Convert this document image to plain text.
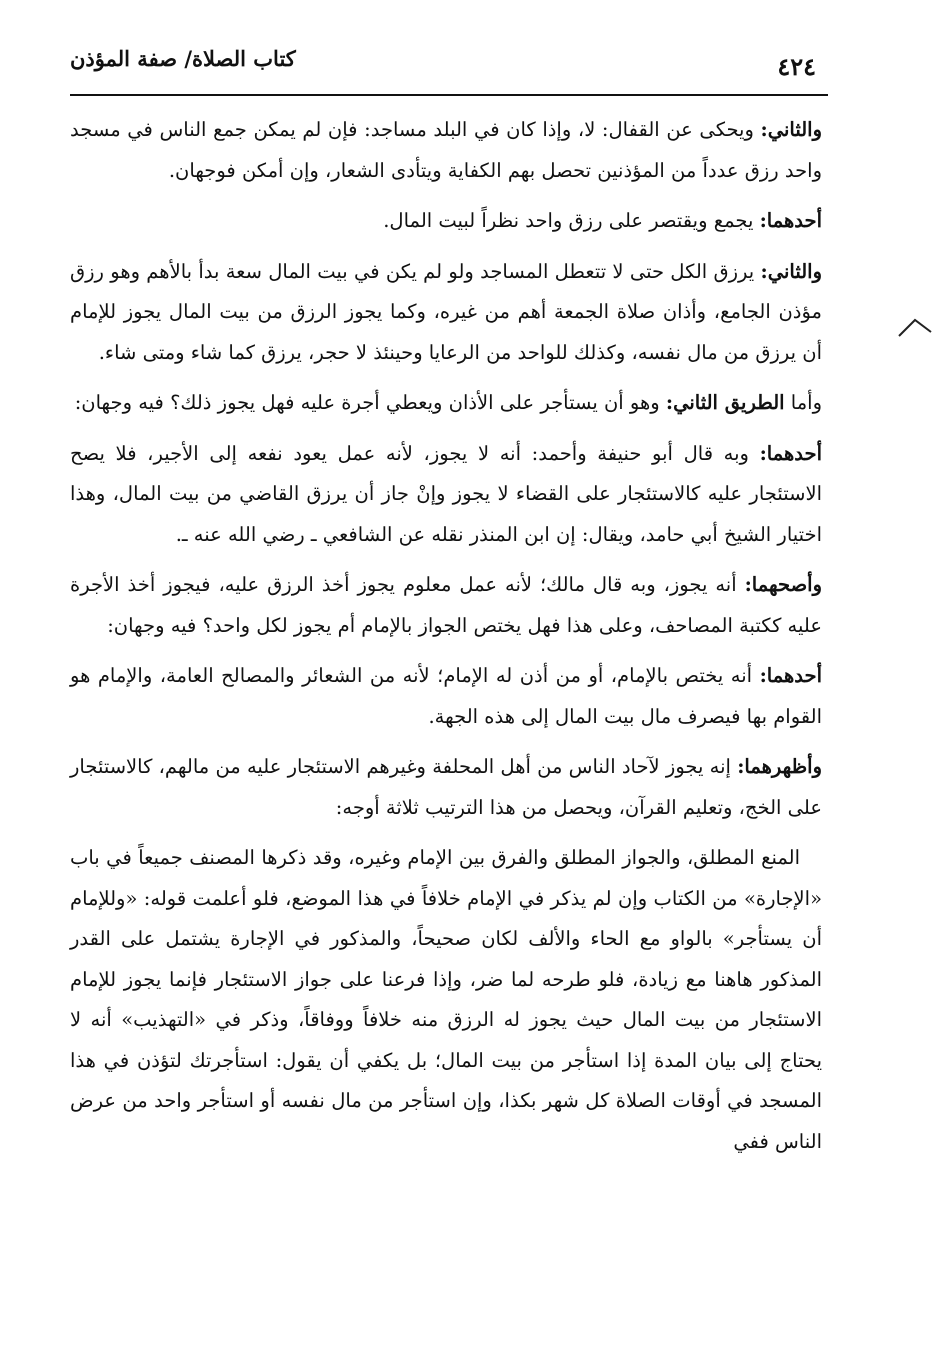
كتاب الصلاة/ صفة المؤذن	٤٢٤

والثاني: ويحكى عن القفال: لا، وإذا كان في البلد مساجد: فإن لم يمكن جمع الناس في مسجد واحد رزق عدداً من المؤذنين تحصل بهم الكفاية ويتأدى الشعار، وإن أمكن فوجهان.

أحدهما: يجمع ويقتصر على رزق واحد نظراً لبيت المال.

والثاني: يرزق الكل حتى لا تتعطل المساجد ولو لم يكن في بيت المال سعة بدأ بالأهم وهو رزق مؤذن الجامع، وأذان صلاة الجمعة أهم من غيره، وكما يجوز الرزق من بيت المال يجوز للإمام أن يرزق من مال نفسه، وكذلك للواحد من الرعايا وحينئذ لا حجر، يرزق كما شاء ومتى شاء.

وأما الطريق الثاني: وهو أن يستأجر على الأذان ويعطي أجرة عليه فهل يجوز ذلك؟ فيه وجهان:

أحدهما: وبه قال أبو حنيفة وأحمد: أنه لا يجوز، لأنه عمل يعود نفعه إلى الأجير، فلا يصح الاستئجار عليه كالاستئجار على القضاء لا يجوز وإنْ جاز أن يرزق القاضي من بيت المال، وهذا اختيار الشيخ أبي حامد، ويقال: إن ابن المنذر نقله عن الشافعي ـ رضي الله عنه ـ.

وأصحهما: أنه يجوز، وبه قال مالك؛ لأنه عمل معلوم يجوز أخذ الرزق عليه، فيجوز أخذ الأجرة عليه ككتبة المصاحف، وعلى هذا فهل يختص الجواز بالإمام أم يجوز لكل واحد؟ فيه وجهان:

أحدهما: أنه يختص بالإمام، أو من أذن له الإمام؛ لأنه من الشعائر والمصالح العامة، والإمام هو القوام بها فيصرف مال بيت المال إلى هذه الجهة.

وأظهرهما: إنه يجوز لآحاد الناس من أهل المحلفة وغيرهم الاستئجار عليه من مالهم، كالاستئجار على الخج، وتعليم القرآن، ويحصل من هذا الترتيب ثلاثة أوجه:

المنع المطلق، والجواز المطلق والفرق بين الإمام وغيره، وقد ذكرها المصنف جميعاً في باب «الإجارة» من الكتاب وإن لم يذكر في الإمام خلافاً في هذا الموضع، فلو أعلمت قوله: «وللإمام أن يستأجر» بالواو مع الحاء والألف لكان صحيحاً، والمذكور في الإجارة يشتمل على القدر المذكور هاهنا مع زيادة، فلو طرحه لما ضر، وإذا فرعنا على جواز الاستئجار فإنما يجوز للإمام الاستئجار من بيت المال حيث يجوز له الرزق منه خلافاً ووفاقاً، وذكر في «التهذيب» أنه لا يحتاج إلى بيان المدة إذا استأجر من بيت المال؛ بل يكفي أن يقول: استأجرتك لتؤذن في هذا المسجد في أوقات الصلاة كل شهر بكذا، وإن استأجر من مال نفسه أو استأجر واحد من عرض الناس ففي
